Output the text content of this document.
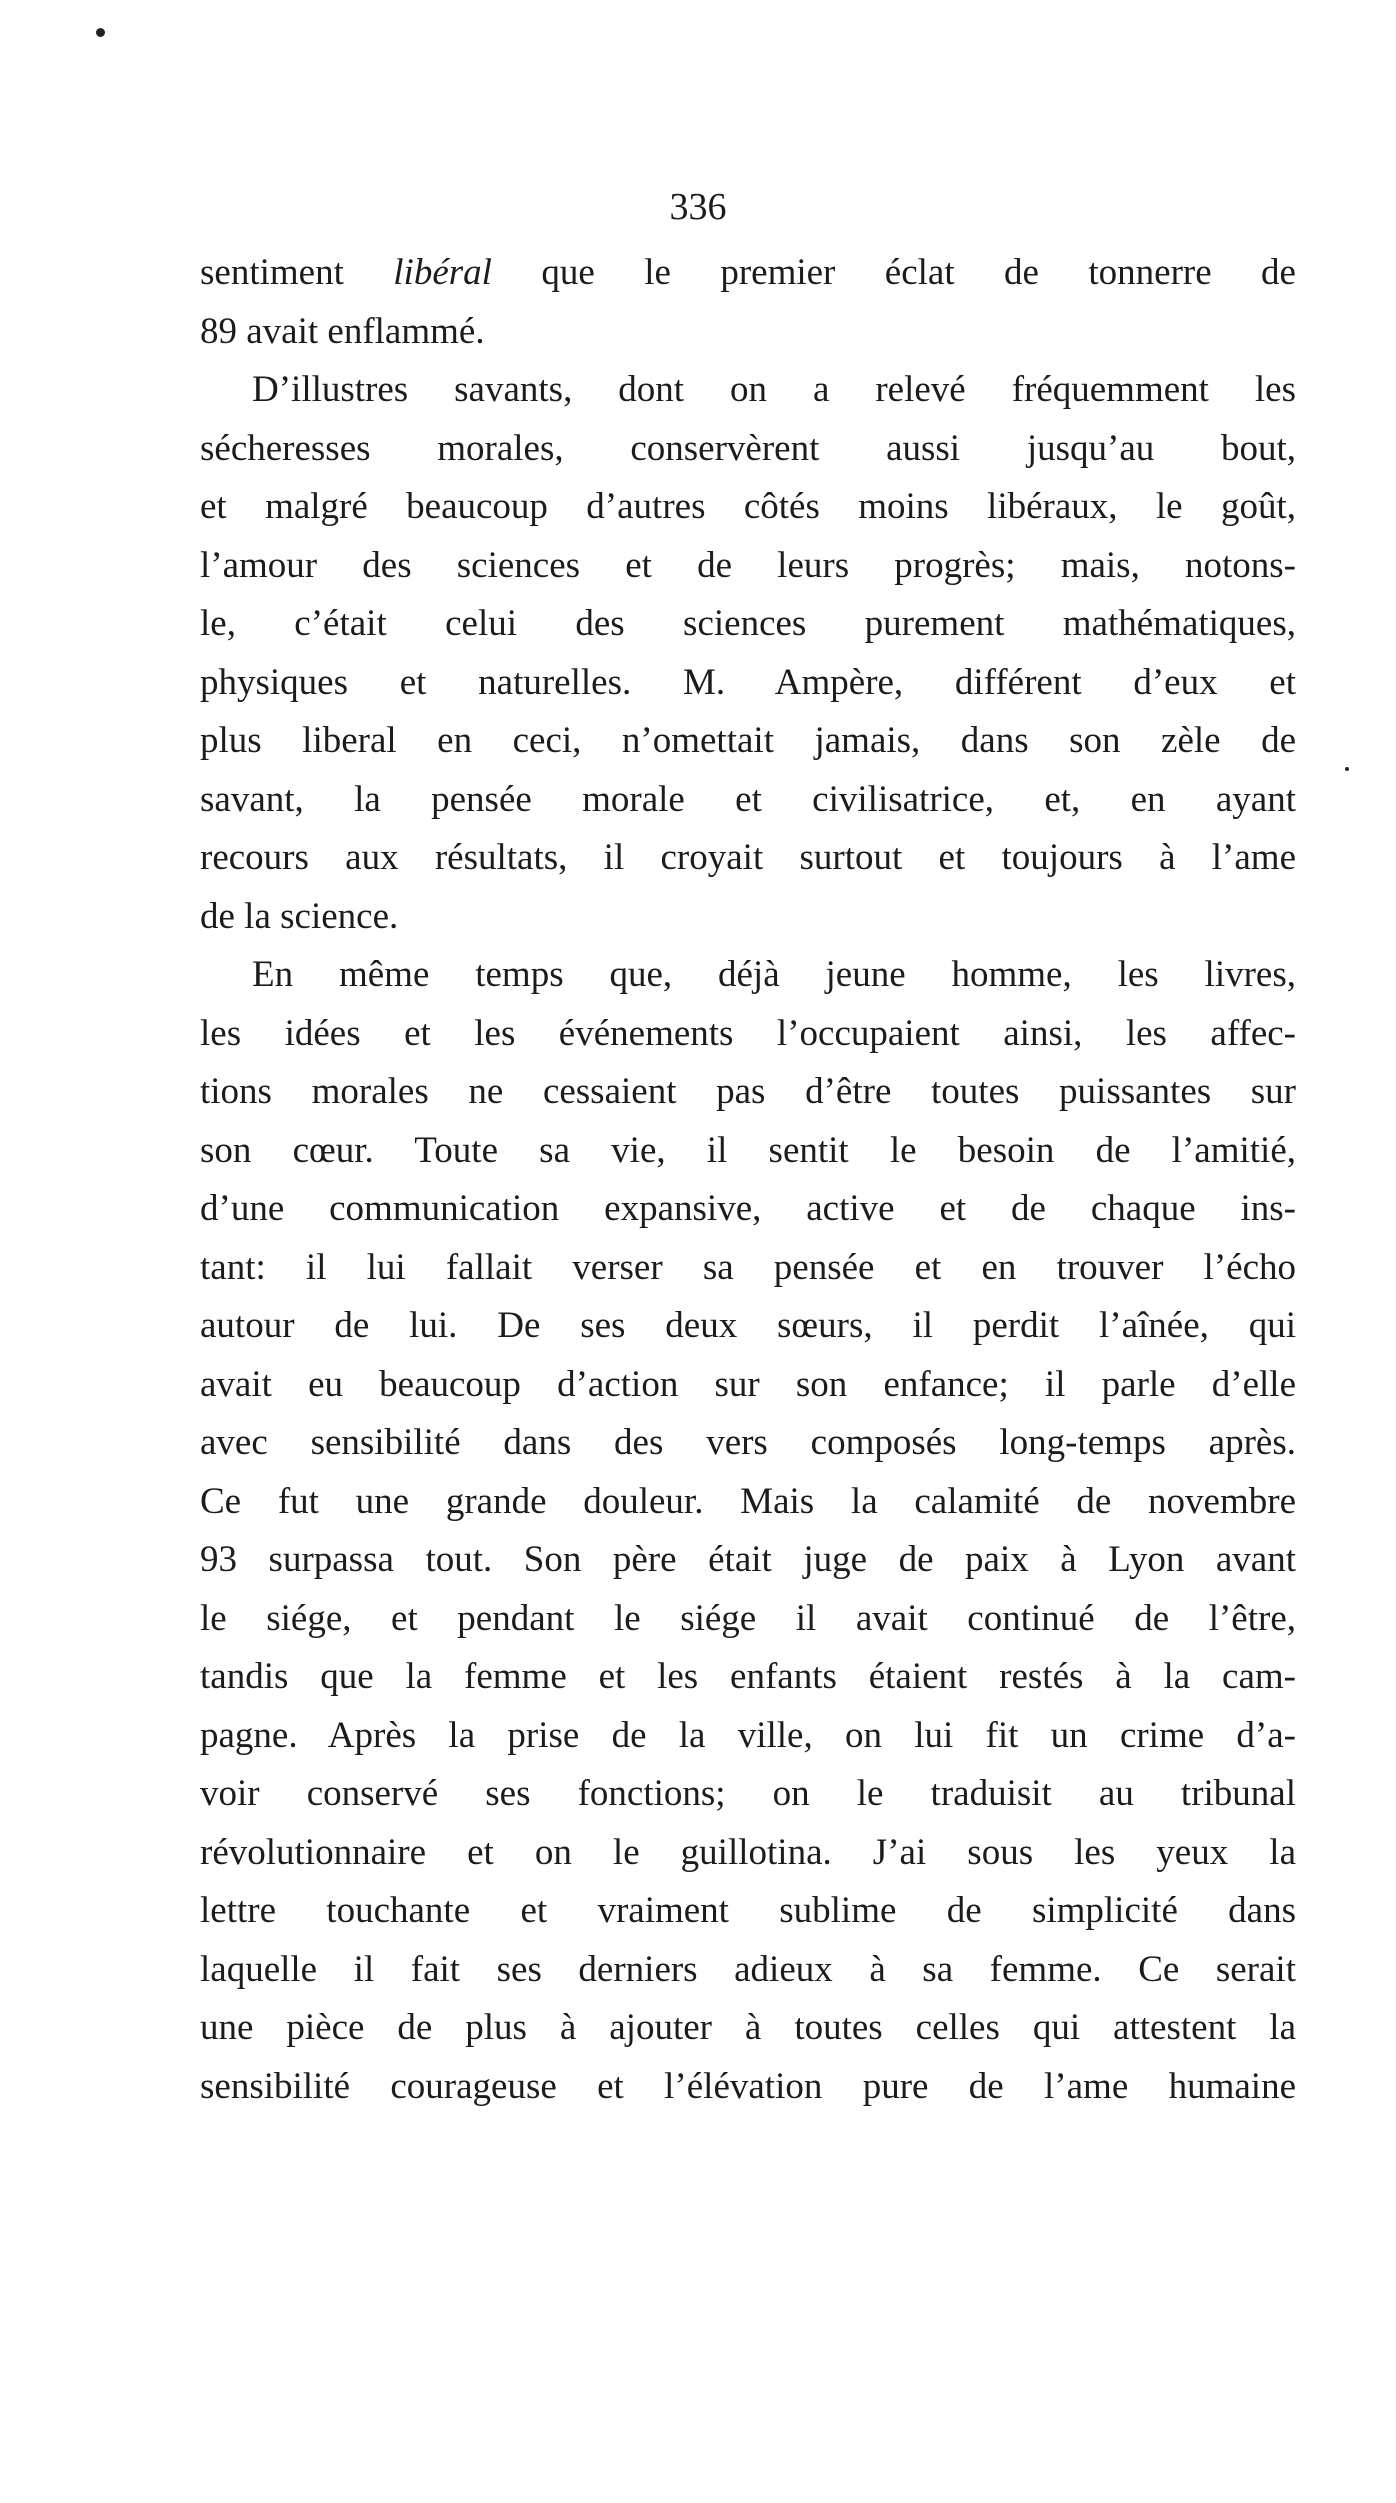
336
sentiment libéral que le premier éclat de tonnerre de
89 avait enflammé.
D’illustres savants, dont on a relevé fréquemment les
sécheresses morales, conservèrent aussi jusqu’au bout,
et malgré beaucoup d’autres côtés moins libéraux, le goût,
l’amour des sciences et de leurs progrès; mais, notons-
le, c’était celui des sciences purement mathématiques,
physiques et naturelles. M. Ampère, différent d’eux et
plus liberal en ceci, n’omettait jamais, dans son zèle de
savant, la pensée morale et civilisatrice, et, en ayant
recours aux résultats, il croyait surtout et toujours à l’ame
de la science.
En même temps que, déjà jeune homme, les livres,
les idées et les événements l’occupaient ainsi, les affec-
tions morales ne cessaient pas d’être toutes puissantes sur
son cœur. Toute sa vie, il sentit le besoin de l’amitié,
d’une communication expansive, active et de chaque ins-
tant: il lui fallait verser sa pensée et en trouver l’écho
autour de lui. De ses deux sœurs, il perdit l’aînée, qui
avait eu beaucoup d’action sur son enfance; il parle d’elle
avec sensibilité dans des vers composés long-temps après.
Ce fut une grande douleur. Mais la calamité de novembre
93 surpassa tout. Son père était juge de paix à Lyon avant
le siége, et pendant le siége il avait continué de l’être,
tandis que la femme et les enfants étaient restés à la cam-
pagne. Après la prise de la ville, on lui fit un crime d’a-
voir conservé ses fonctions; on le traduisit au tribunal
révolutionnaire et on le guillotina. J’ai sous les yeux la
lettre touchante et vraiment sublime de simplicité dans
laquelle il fait ses derniers adieux à sa femme. Ce serait
une pièce de plus à ajouter à toutes celles qui attestent la
sensibilité courageuse et l’élévation pure de l’ame humaine
